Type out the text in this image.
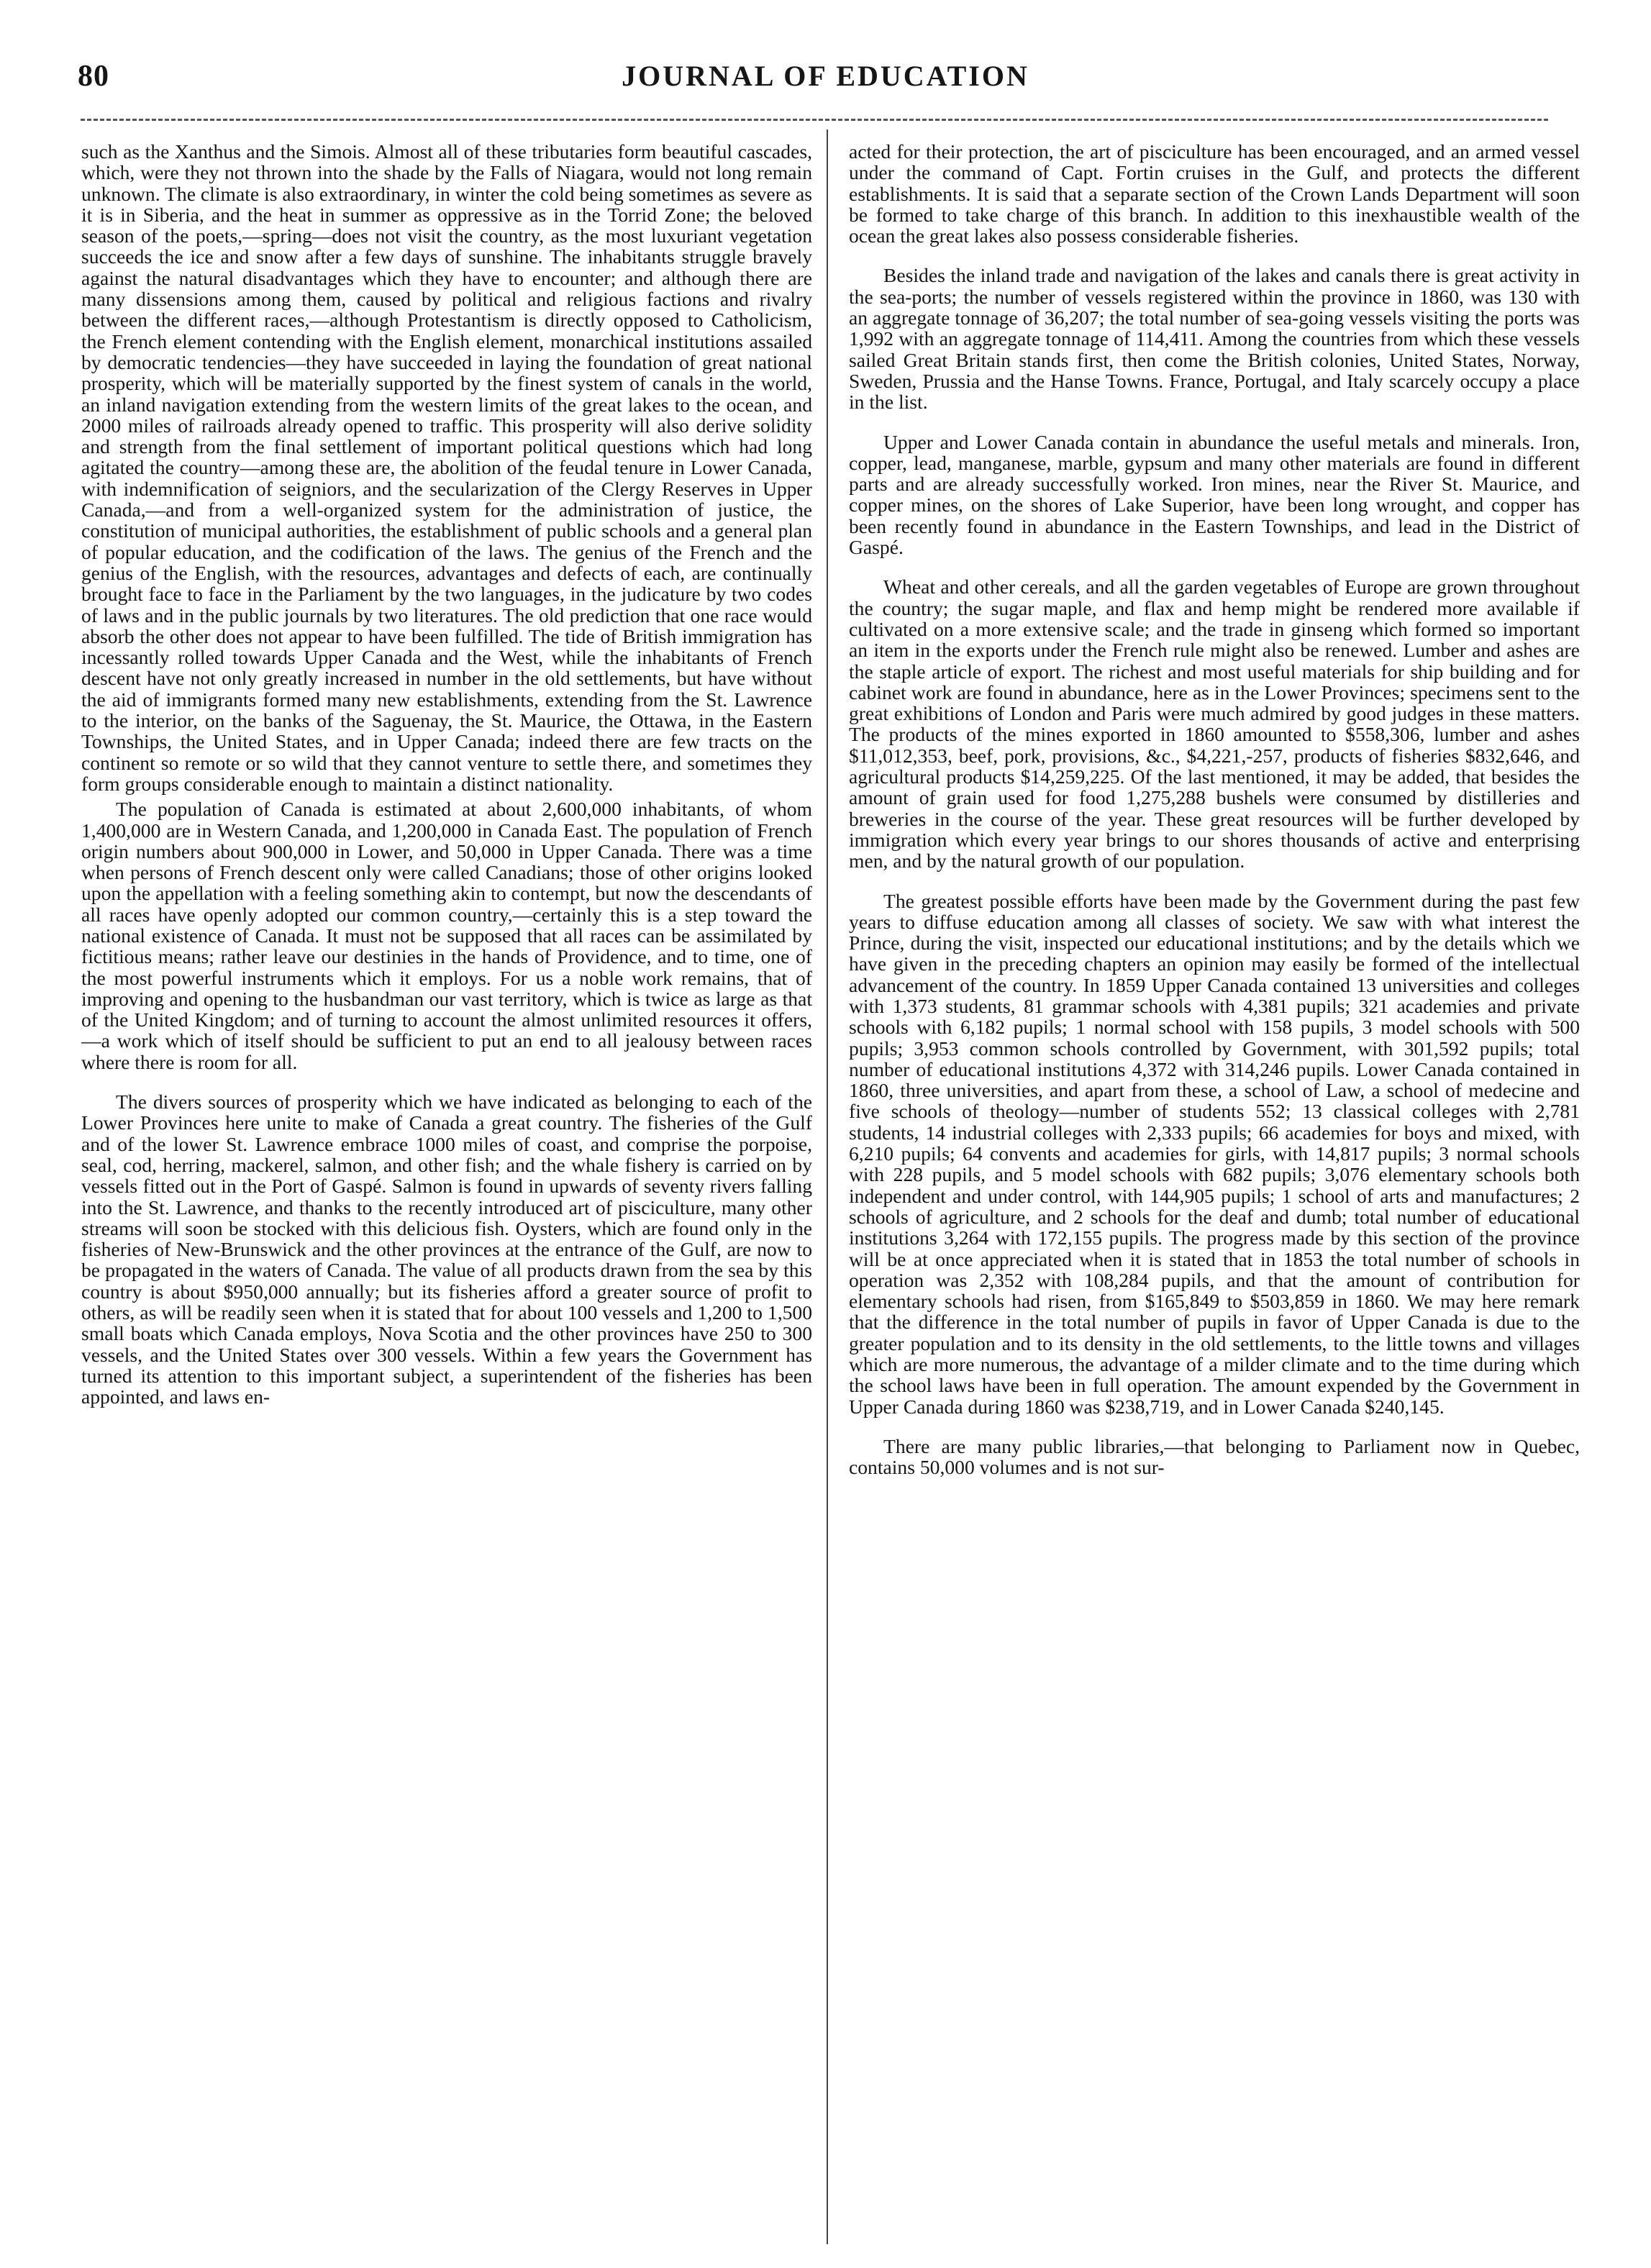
80	JOURNAL OF EDUCATION

such as the Xanthus and the Simois. Almost all of these tributaries form beautiful cascades, which, were they not thrown into the shade by the Falls of Niagara, would not long remain unknown. The climate is also extraordinary, in winter the cold being sometimes as severe as it is in Siberia, and the heat in summer as oppressive as in the Torrid Zone; the beloved season of the poets,—spring—does not visit the country, as the most luxuriant vegetation succeeds the ice and snow after a few days of sunshine. The inhabitants struggle bravely against the natural disadvantages which they have to encounter; and although there are many dissensions among them, caused by political and religious factions and rivalry between the different races,—although Protestantism is directly opposed to Catholicism, the French element contending with the English element, monarchical institutions assailed by democratic tendencies—they have succeeded in laying the foundation of great national prosperity, which will be materially supported by the finest system of canals in the world, an inland navigation extending from the western limits of the great lakes to the ocean, and 2000 miles of railroads already opened to traffic. This prosperity will also derive solidity and strength from the final settlement of important political questions which had long agitated the country—among these are, the abolition of the feudal tenure in Lower Canada, with indemnification of seigniors, and the secularization of the Clergy Reserves in Upper Canada,—and from a well-organized system for the administration of justice, the constitution of municipal authorities, the establishment of public schools and a general plan of popular education, and the codification of the laws. The genius of the French and the genius of the English, with the resources, advantages and defects of each, are continually brought face to face in the Parliament by the two languages, in the judicature by two codes of laws and in the public journals by two literatures. The old prediction that one race would absorb the other does not appear to have been fulfilled. The tide of British immigration has incessantly rolled towards Upper Canada and the West, while the inhabitants of French descent have not only greatly increased in number in the old settlements, but have without the aid of immigrants formed many new establishments, extending from the St. Lawrence to the interior, on the banks of the Saguenay, the St. Maurice, the Ottawa, in the Eastern Townships, the United States, and in Upper Canada; indeed there are few tracts on the continent so remote or so wild that they cannot venture to settle there, and sometimes they form groups considerable enough to maintain a distinct nationality.

The population of Canada is estimated at about 2,600,000 inhabitants, of whom 1,400,000 are in Western Canada, and 1,200,000 in Canada East. The population of French origin numbers about 900,000 in Lower, and 50,000 in Upper Canada. There was a time when persons of French descent only were called Canadians; those of other origins looked upon the appellation with a feeling something akin to contempt, but now the descendants of all races have openly adopted our common country,—certainly this is a step toward the national existence of Canada. It must not be supposed that all races can be assimilated by fictitious means; rather leave our destinies in the hands of Providence, and to time, one of the most powerful instruments which it employs. For us a noble work remains, that of improving and opening to the husbandman our vast territory, which is twice as large as that of the United Kingdom; and of turning to account the almost unlimited resources it offers,—a work which of itself should be sufficient to put an end to all jealousy between races where there is room for all.

The divers sources of prosperity which we have indicated as belonging to each of the Lower Provinces here unite to make of Canada a great country. The fisheries of the Gulf and of the lower St. Lawrence embrace 1000 miles of coast, and comprise the porpoise, seal, cod, herring, mackerel, salmon, and other fish; and the whale fishery is carried on by vessels fitted out in the Port of Gaspé. Salmon is found in upwards of seventy rivers falling into the St. Lawrence, and thanks to the recently introduced art of pisciculture, many other streams will soon be stocked with this delicious fish. Oysters, which are found only in the fisheries of New-Brunswick and the other provinces at the entrance of the Gulf, are now to be propagated in the waters of Canada. The value of all products drawn from the sea by this country is about $950,000 annually; but its fisheries afford a greater source of profit to others, as will be readily seen when it is stated that for about 100 vessels and 1,200 to 1,500 small boats which Canada employs, Nova Scotia and the other provinces have 250 to 300 vessels, and the United States over 300 vessels. Within a few years the Government has turned its attention to this important subject, a superintendent of the fisheries has been appointed, and laws en-

acted for their protection, the art of pisciculture has been encouraged, and an armed vessel under the command of Capt. Fortin cruises in the Gulf, and protects the different establishments. It is said that a separate section of the Crown Lands Department will soon be formed to take charge of this branch. In addition to this inexhaustible wealth of the ocean the great lakes also possess considerable fisheries.

Besides the inland trade and navigation of the lakes and canals there is great activity in the sea-ports; the number of vessels registered within the province in 1860, was 130 with an aggregate tonnage of 36,207; the total number of sea-going vessels visiting the ports was 1,992 with an aggregate tonnage of 114,411. Among the countries from which these vessels sailed Great Britain stands first, then come the British colonies, United States, Norway, Sweden, Prussia and the Hanse Towns. France, Portugal, and Italy scarcely occupy a place in the list.

Upper and Lower Canada contain in abundance the useful metals and minerals. Iron, copper, lead, manganese, marble, gypsum and many other materials are found in different parts and are already successfully worked. Iron mines, near the River St. Maurice, and copper mines, on the shores of Lake Superior, have been long wrought, and copper has been recently found in abundance in the Eastern Townships, and lead in the District of Gaspé.

Wheat and other cereals, and all the garden vegetables of Europe are grown throughout the country; the sugar maple, and flax and hemp might be rendered more available if cultivated on a more extensive scale; and the trade in ginseng which formed so important an item in the exports under the French rule might also be renewed. Lumber and ashes are the staple article of export. The richest and most useful materials for ship building and for cabinet work are found in abundance, here as in the Lower Provinces; specimens sent to the great exhibitions of London and Paris were much admired by good judges in these matters. The products of the mines exported in 1860 amounted to $558,306, lumber and ashes $11,012,353, beef, pork, provisions, &c., $4,221,-257, products of fisheries $832,646, and agricultural products $14,259,225. Of the last mentioned, it may be added, that besides the amount of grain used for food 1,275,288 bushels were consumed by distilleries and breweries in the course of the year. These great resources will be further developed by immigration which every year brings to our shores thousands of active and enterprising men, and by the natural growth of our population.

The greatest possible efforts have been made by the Government during the past few years to diffuse education among all classes of society. We saw with what interest the Prince, during the visit, inspected our educational institutions; and by the details which we have given in the preceding chapters an opinion may easily be formed of the intellectual advancement of the country. In 1859 Upper Canada contained 13 universities and colleges with 1,373 students, 81 grammar schools with 4,381 pupils; 321 academies and private schools with 6,182 pupils; 1 normal school with 158 pupils, 3 model schools with 500 pupils; 3,953 common schools controlled by Government, with 301,592 pupils; total number of educational institutions 4,372 with 314,246 pupils. Lower Canada contained in 1860, three universities, and apart from these, a school of Law, a school of medecine and five schools of theology—number of students 552; 13 classical colleges with 2,781 students, 14 industrial colleges with 2,333 pupils; 66 academies for boys and mixed, with 6,210 pupils; 64 convents and academies for girls, with 14,817 pupils; 3 normal schools with 228 pupils, and 5 model schools with 682 pupils; 3,076 elementary schools both independent and under control, with 144,905 pupils; 1 school of arts and manufactures; 2 schools of agriculture, and 2 schools for the deaf and dumb; total number of educational institutions 3,264 with 172,155 pupils. The progress made by this section of the province will be at once appreciated when it is stated that in 1853 the total number of schools in operation was 2,352 with 108,284 pupils, and that the amount of contribution for elementary schools had risen, from $165,849 to $503,859 in 1860. We may here remark that the difference in the total number of pupils in favor of Upper Canada is due to the greater population and to its density in the old settlements, to the little towns and villages which are more numerous, the advantage of a milder climate and to the time during which the school laws have been in full operation. The amount expended by the Government in Upper Canada during 1860 was $238,719, and in Lower Canada $240,145.

There are many public libraries,—that belonging to Parliament now in Quebec, contains 50,000 volumes and is not sur-
